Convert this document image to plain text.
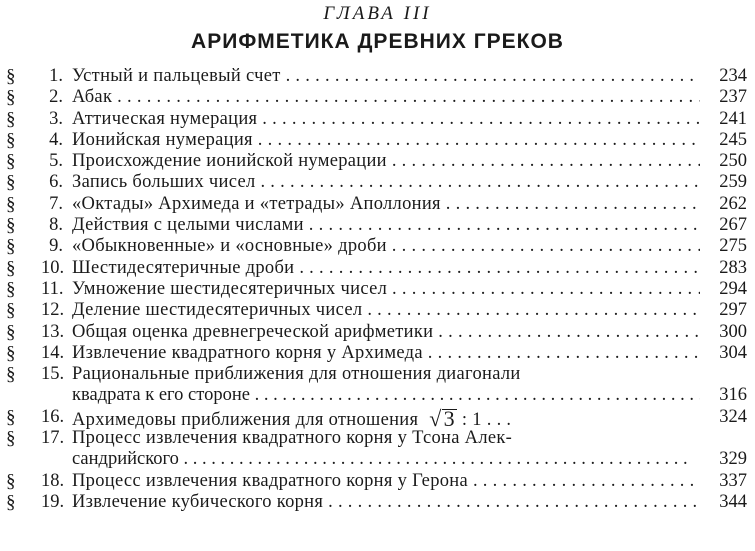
ГЛАВА III
АРИФМЕТИКА ДРЕВНИХ ГРЕКОВ
§ 1. Устный и пальцевый счет . . .	234
§ 2. Абак . . .	237
§ 3. Аттическая нумерация . . .	241
§ 4. Ионийская нумерация . . .	245
§ 5. Происхождение ионийской нумерации . . .	250
§ 6. Запись больших чисел . . .	259
§ 7. «Октады» Архимеда и «тетрады» Аполлония . . .	262
§ 8. Действия с целыми числами . . .	267
§ 9. «Обыкновенные» и «основные» дроби . . .	275
§ 10. Шестидесятеричные дроби . . .	283
§ 11. Умножение шестидесятеричных чисел . . .	294
§ 12. Деление шестидесятеричных чисел . . .	297
§ 13. Общая оценка древнегреческой арифметики . . .	300
§ 14. Извлечение квадратного корня у Архимеда . . .	304
§ 15. Рациональные приближения для отношения диагонали
квадрата к его стороне . . .	316
§ 16. Архимедовы приближения для отношения √3 : 1 . . .	324
§ 17. Процесс извлечения квадратного корня у Тсона Алек-
сандрийского . . .	329
§ 18. Процесс извлечения квадратного корня у Герона . . .	337
§ 19. Извлечение кубического корня . . .	344
